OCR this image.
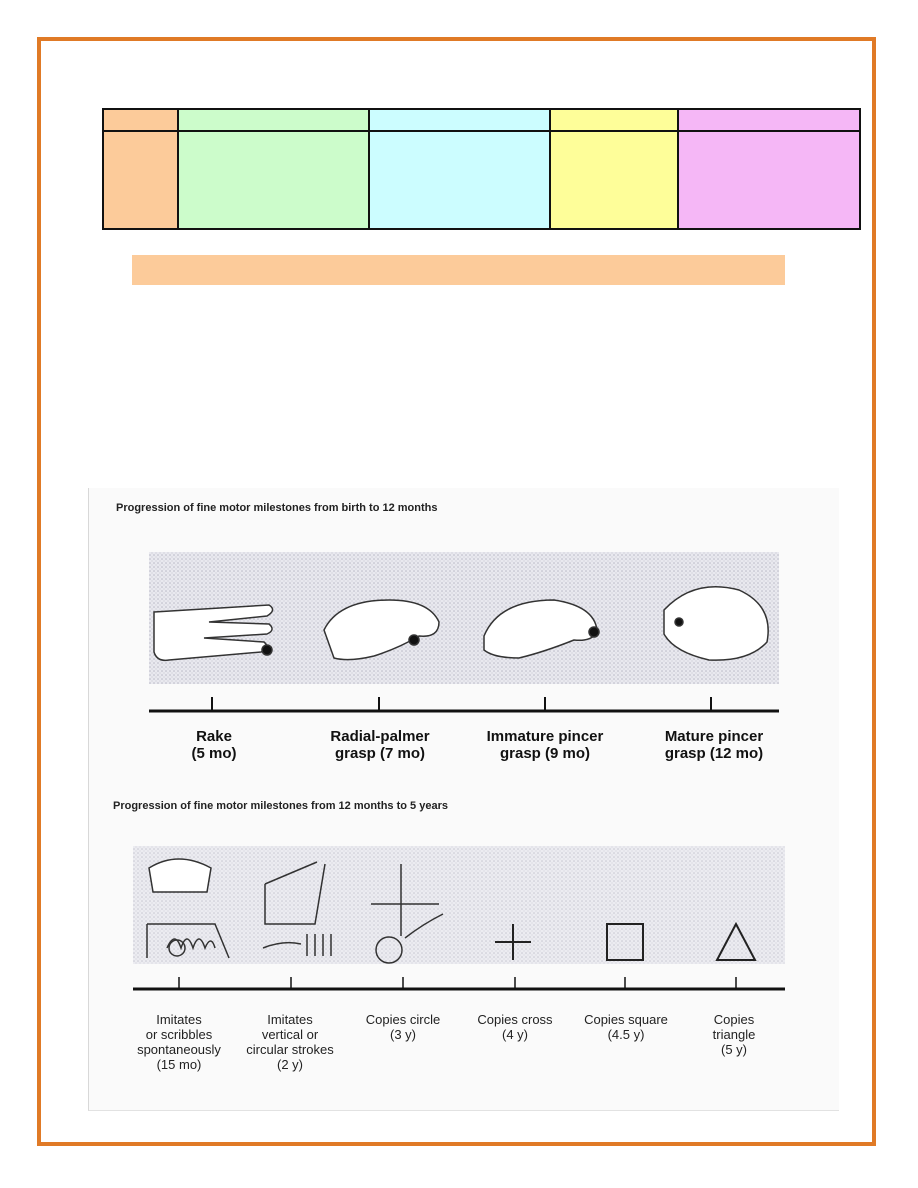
Progression of fine motor milestones from birth to 12 months
Rake
(5 mo)
Radial-palmer
grasp (7 mo)
Immature pincer
grasp (9 mo)
Mature pincer
grasp (12 mo)
Progression of fine motor milestones from 12 months to 5 years
Imitates
or scribbles
spontaneously
(15 mo)
Imitates
vertical or
circular strokes
(2 y)
Copies circle
(3 y)
Copies cross
(4 y)
Copies square
(4.5 y)
Copies
triangle
(5 y)
